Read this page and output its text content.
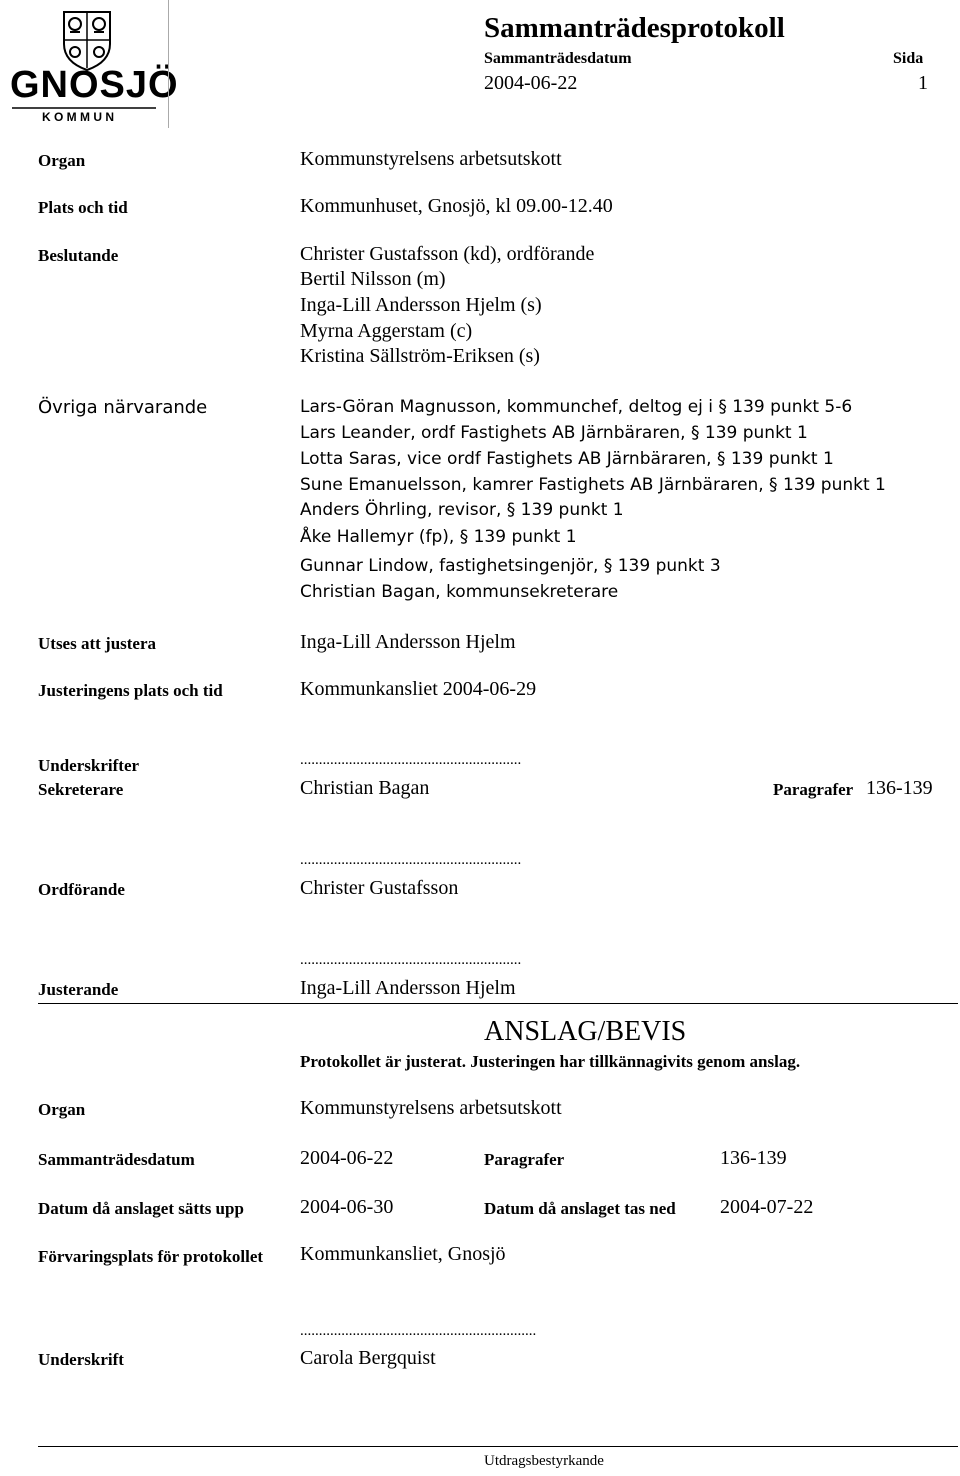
GNOSJÖ
K O M M U N
Sammanträdesprotokoll
Sammanträdesdatum	Sida
2004-06-22	1
Organ	Kommunstyrelsens arbetsutskott
Plats och tid	Kommunhuset, Gnosjö, kl 09.00-12.40
Beslutande	Christer Gustafsson (kd), ordförande
Bertil Nilsson (m)
Inga-Lill Andersson Hjelm (s)
Myrna Aggerstam (c)
Kristina Sällström-Eriksen (s)
Övriga närvarande	Lars-Göran Magnusson, kommunchef, deltog ej i § 139 punkt 5-6
Lars Leander, ordf Fastighets AB Järnbäraren, § 139 punkt 1
Lotta Saras, vice ordf Fastighets AB Järnbäraren, § 139 punkt 1
Sune Emanuelsson, kamrer Fastighets AB Järnbäraren, § 139 punkt 1
Anders Öhrling, revisor, § 139 punkt 1
Åke Hallemyr (fp), § 139 punkt 1
Gunnar Lindow, fastighetsingenjör, § 139 punkt 3
Christian Bagan, kommunsekreterare
Utses att justera	Inga-Lill Andersson Hjelm
Justeringens plats och tid	Kommunkansliet 2004-06-29
Underskrifter	...........................................................
Sekreterare	Christian Bagan	Paragrafer 136-139
...........................................................
Ordförande	Christer Gustafsson
...........................................................
Justerande	Inga-Lill Andersson Hjelm
ANSLAG/BEVIS
Protokollet är justerat. Justeringen har tillkännagivits genom anslag.
Organ	Kommunstyrelsens arbetsutskott
Sammanträdesdatum	2004-06-22	Paragrafer	136-139
Datum då anslaget sätts upp	2004-06-30	Datum då anslaget tas ned 2004-07-22
Förvaringsplats för protokollet Kommunkansliet, Gnosjö
...............................................................
Underskrift	Carola Bergquist
Utdragsbestyrkande
